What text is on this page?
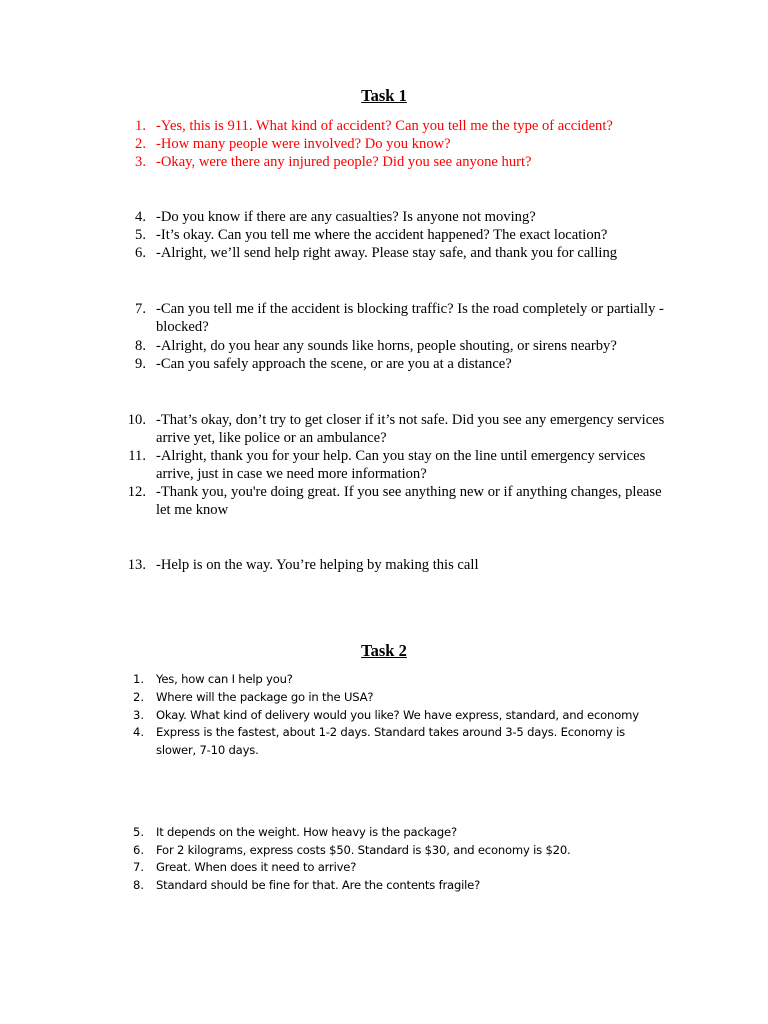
Task 1
1. -Yes, this is 911. What kind of accident? Can you tell me the type of accident?
2. -How many people were involved? Do you know?
3. -Okay, were there any injured people? Did you see anyone hurt?
4. -Do you know if there are any casualties? Is anyone not moving?
5. -It’s okay. Can you tell me where the accident happened? The exact location?
6. -Alright, we’ll send help right away. Please stay safe, and thank you for calling
7. -Can you tell me if the accident is blocking traffic? Is the road completely or partially -blocked?
8. -Alright, do you hear any sounds like horns, people shouting, or sirens nearby?
9. -Can you safely approach the scene, or are you at a distance?
10. -That’s okay, don’t try to get closer if it’s not safe. Did you see any emergency services arrive yet, like police or an ambulance?
11. -Alright, thank you for your help. Can you stay on the line until emergency services arrive, just in case we need more information?
12. -Thank you, you're doing great. If you see anything new or if anything changes, please let me know
13. -Help is on the way. You’re helping by making this call
Task 2
1. Yes, how can I help you?
2. Where will the package go in the USA?
3. Okay. What kind of delivery would you like? We have express, standard, and economy
4. Express is the fastest, about 1-2 days. Standard takes around 3-5 days. Economy is slower, 7-10 days.
5. It depends on the weight. How heavy is the package?
6. For 2 kilograms, express costs $50. Standard is $30, and economy is $20.
7. Great. When does it need to arrive?
8. Standard should be fine for that. Are the contents fragile?
